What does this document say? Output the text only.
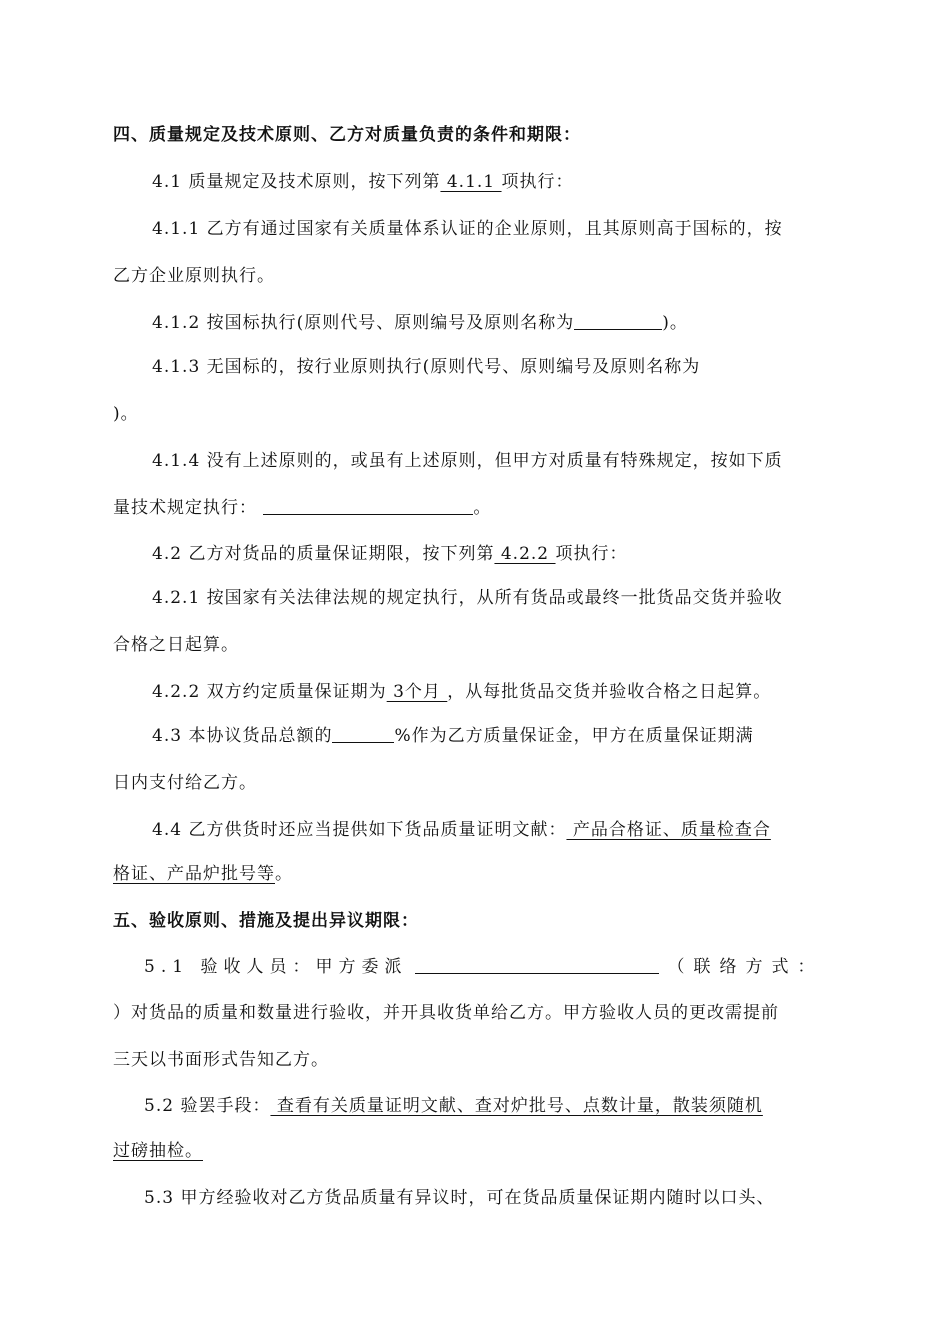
四、质量规定及技术原则、乙方对质量负责的条件和期限：
4.1 质量规定及技术原则，按下列第 4.1.1 项执行：
4.1.1 乙方有通过国家有关质量体系认证的企业原则，且其原则高于国标的，按
乙方企业原则执行。
4.1.2 按国标执行(原则代号、原则编号及原则名称为	)。
4.1.3 无国标的，按行业原则执行(原则代号、原则编号及原则名称为
)。
4.1.4 没有上述原则的，或虽有上述原则，但甲方对质量有特殊规定，按如下质
量技术规定执行：	。
4.2 乙方对货品的质量保证期限，按下列第 4.2.2 项执行：
4.2.1 按国家有关法律法规的规定执行，从所有货品或最终一批货品交货并验收
合格之日起算。
4.2.2 双方约定质量保证期为 3个月 ，从每批货品交货并验收合格之日起算。
4.3 本协议货品总额的	%作为乙方质量保证金，甲方在质量保证期满
日内支付给乙方。
4.4 乙方供货时还应当提供如下货品质量证明文献： 产品合格证、质量检查合
格证、产品炉批号等。
五、验收原则、措施及提出异议期限：
5.1 验收人员：甲方委派	（联络方式：
）对货品的质量和数量进行验收，并开具收货单给乙方。甲方验收人员的更改需提前
三天以书面形式告知乙方。
5.2 验罢手段： 查看有关质量证明文献、查对炉批号、点数计量，散装须随机
过磅抽检。
5.3 甲方经验收对乙方货品质量有异议时，可在货品质量保证期内随时以口头、
